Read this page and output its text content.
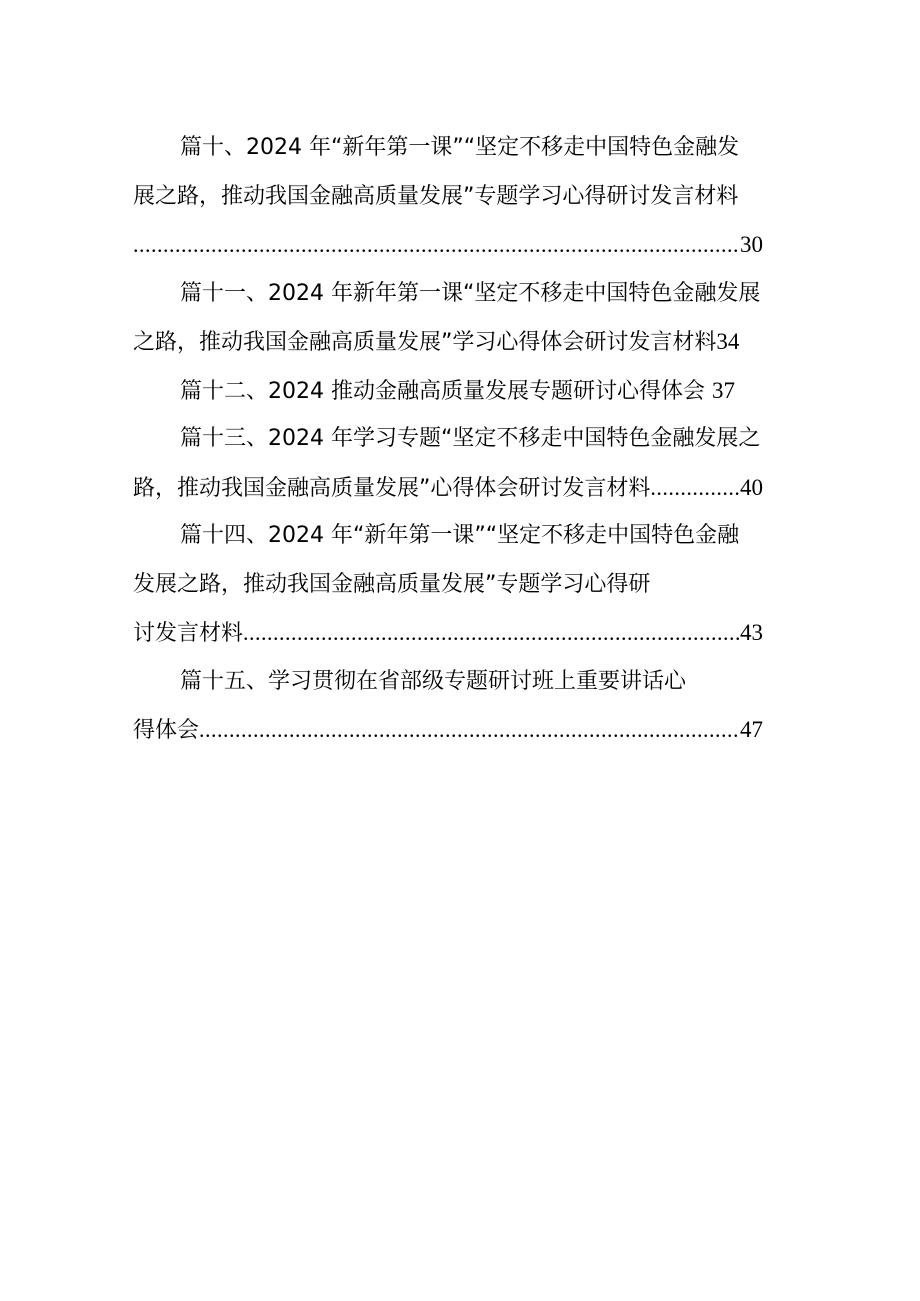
篇十、2024 年“新年第一课”“坚定不移走中国特色金融发
展之路，推动我国金融高质量发展”专题学习心得研讨发言材料
.....
30
篇十一、2024 年新年第一课“坚定不移走中国特色金融发展
之路，推动我国金融高质量发展”学习心得体会研讨发言材料34
篇十二、2024 推动金融高质量发展专题研讨心得体会 37
篇十三、2024 年学习专题“坚定不移走中国特色金融发展之
路，推动我国金融高质量发展”心得体会研讨发言材料 .....	40
篇十四、2024 年“新年第一课”“坚定不移走中国特色金融
发展之路，推动我国金融高质量发展”专题学习心得研
讨发言材料 .....	43
篇十五、学习贯彻在省部级专题研讨班上重要讲话心
得体会 .....	47
